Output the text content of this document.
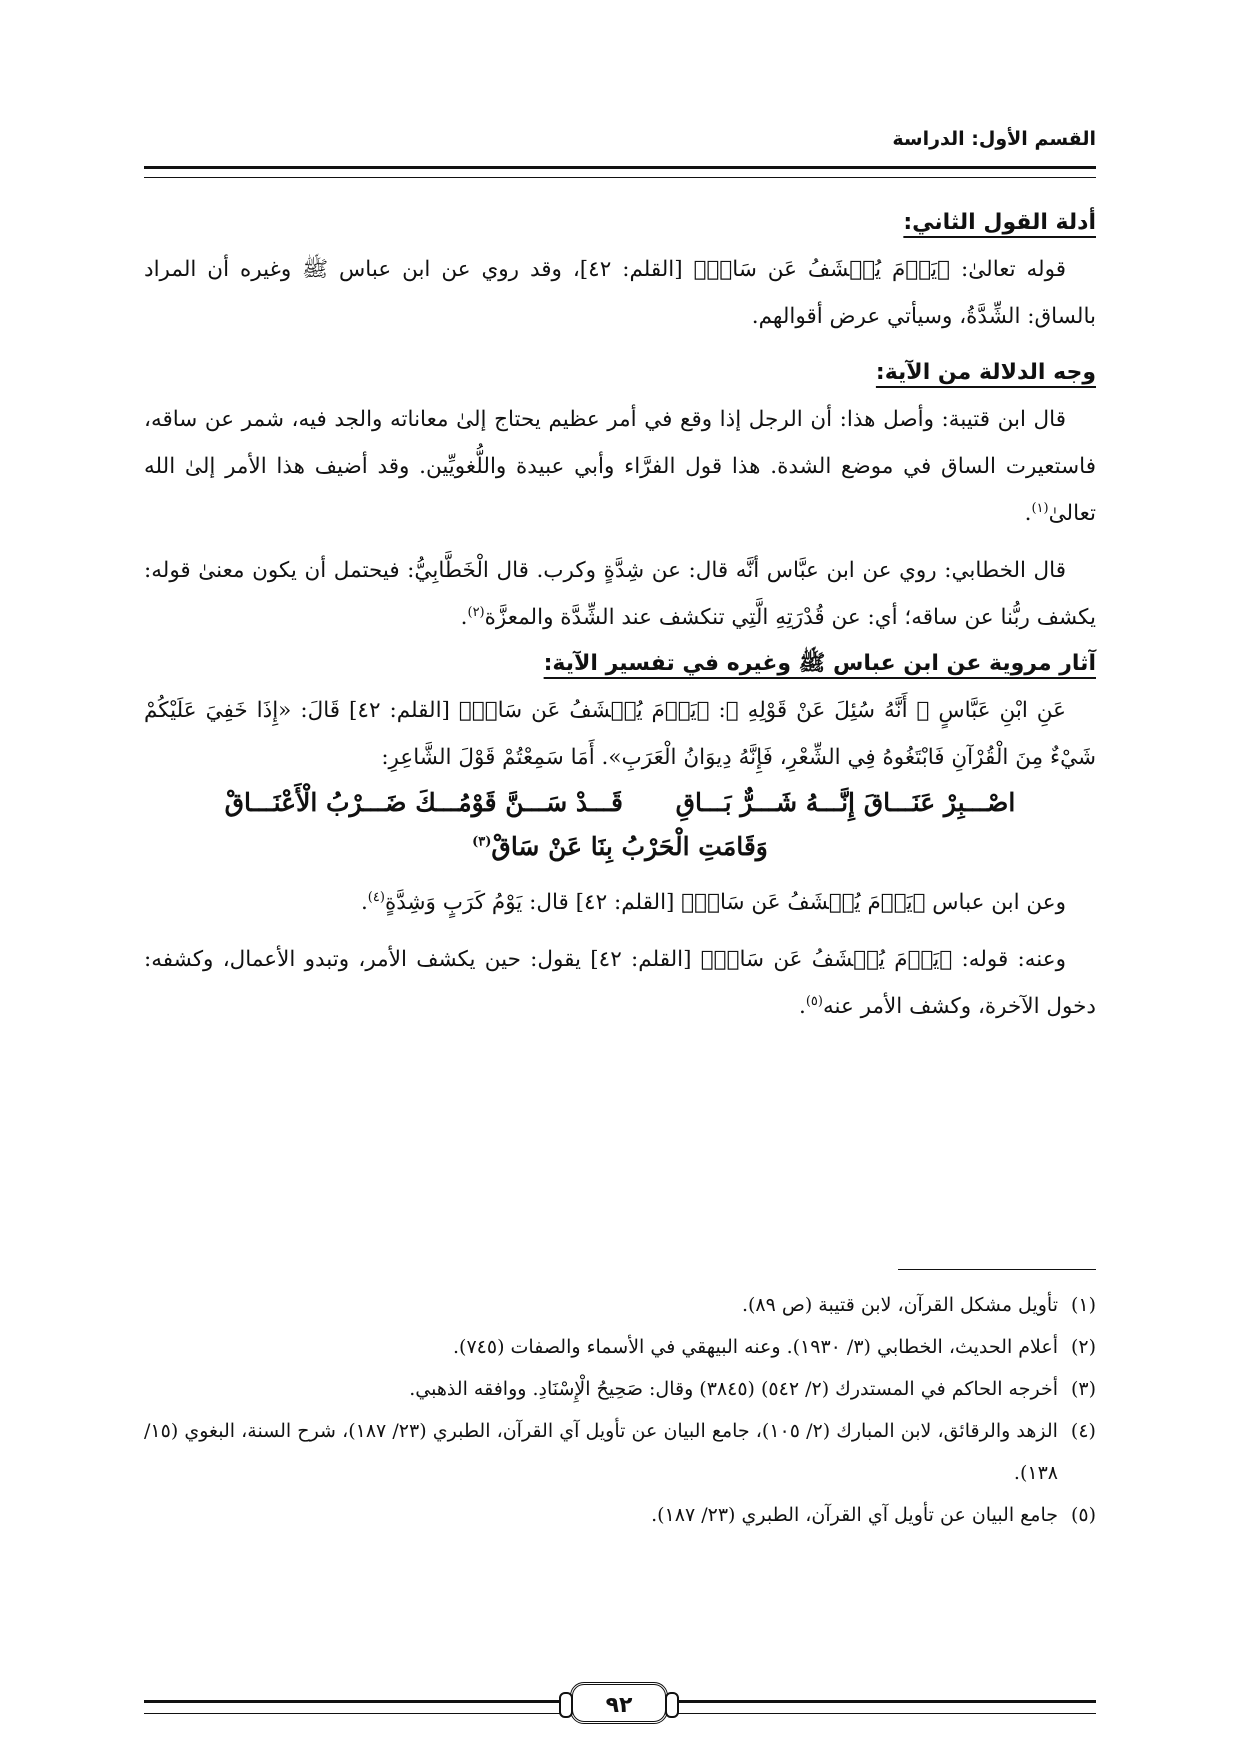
القسم الأول: الدراسة

أدلة القول الثاني:

قوله تعالىٰ: ﴿يَوۡمَ يُكۡشَفُ عَن سَاقٖ﴾ [القلم: ٤٢]، وقد روي عن ابن عباس ﷺ وغيره أن المراد بالساق: الشِّدَّةُ، وسيأتي عرض أقوالهم.

وجه الدلالة من الآية:

قال ابن قتيبة: وأصل هذا: أن الرجل إذا وقع في أمر عظيم يحتاج إلىٰ معاناته والجد فيه، شمر عن ساقه، فاستعيرت الساق في موضع الشدة. هذا قول الفرَّاء وأبي عبيدة واللُّغويِّين. وقد أضيف هذا الأمر إلىٰ الله تعالىٰ$^{(١)}$.

قال الخطابي: روي عن ابن عبَّاس أنَّه قال: عن شِدَّةٍ وكرب. قال الْخَطَّابِيُّ: فيحتمل أن يكون معنىٰ قوله: يكشف ربُّنا عن ساقه؛ أي: عن قُدْرَتِهِ الَّتِي تنكشف عند الشِّدَّة والمعزَّة$^{(٢)}$.

آثار مروية عن ابن عباس ﷺ وغيره في تفسير الآية:

عَنِ ابْنِ عَبَّاسٍ ﷺ أَنَّهُ سُئِلَ عَنْ قَوْلِهِ ﷻ: ﴿يَوۡمَ يُكۡشَفُ عَن سَاقٖ﴾ [القلم: ٤٢] قَالَ: «إِذَا خَفِيَ عَلَيْكُمْ شَيْءٌ مِنَ الْقُرْآنِ فَابْتَغُوهُ فِي الشِّعْرِ، فَإِنَّهُ دِيوَانُ الْعَرَبِ». أَمَا سَمِعْتُمْ قَوْلَ الشَّاعِرِ:

اصْـــبِرْ عَنَـــاقَ إِنَّـــهُ شَـــرٌّ بَـــاقِ قَـــدْ سَـــنَّ قَوْمُـــكَ ضَـــرْبُ الْأَعْنَـــاقْ

وَقَامَتِ الْحَرْبُ بِنَا عَنْ سَاقْ$^{(٣)}$

وعن ابن عباس ﴿يَوۡمَ يُكۡشَفُ عَن سَاقٖ﴾ [القلم: ٤٢] قال: يَوْمُ كَرَبٍ وَشِدَّةٍ$^{(٤)}$.

وعنه: قوله: ﴿يَوۡمَ يُكۡشَفُ عَن سَاقٖ﴾ [القلم: ٤٢] يقول: حين يكشف الأمر، وتبدو الأعمال، وكشفه: دخول الآخرة، وكشف الأمر عنه$^{(٥)}$.

(١)تأويل مشكل القرآن، لابن قتيبة (ص ٨٩).

(٢)أعلام الحديث، الخطابي (٣/ ١٩٣٠). وعنه البيهقي في الأسماء والصفات (٧٤٥).

(٣)أخرجه الحاكم في المستدرك (٢/ ٥٤٢) (٣٨٤٥) وقال: صَحِيحُ الْإِسْنَادِ. ووافقه الذهبي.

(٤)الزهد والرقائق، لابن المبارك (٢/ ١٠٥)، جامع البيان عن تأويل آي القرآن، الطبري (٢٣/ ١٨٧)، شرح السنة، البغوي (١٥/ ١٣٨).

(٥)جامع البيان عن تأويل آي القرآن، الطبري (٢٣/ ١٨٧).

٩٢
